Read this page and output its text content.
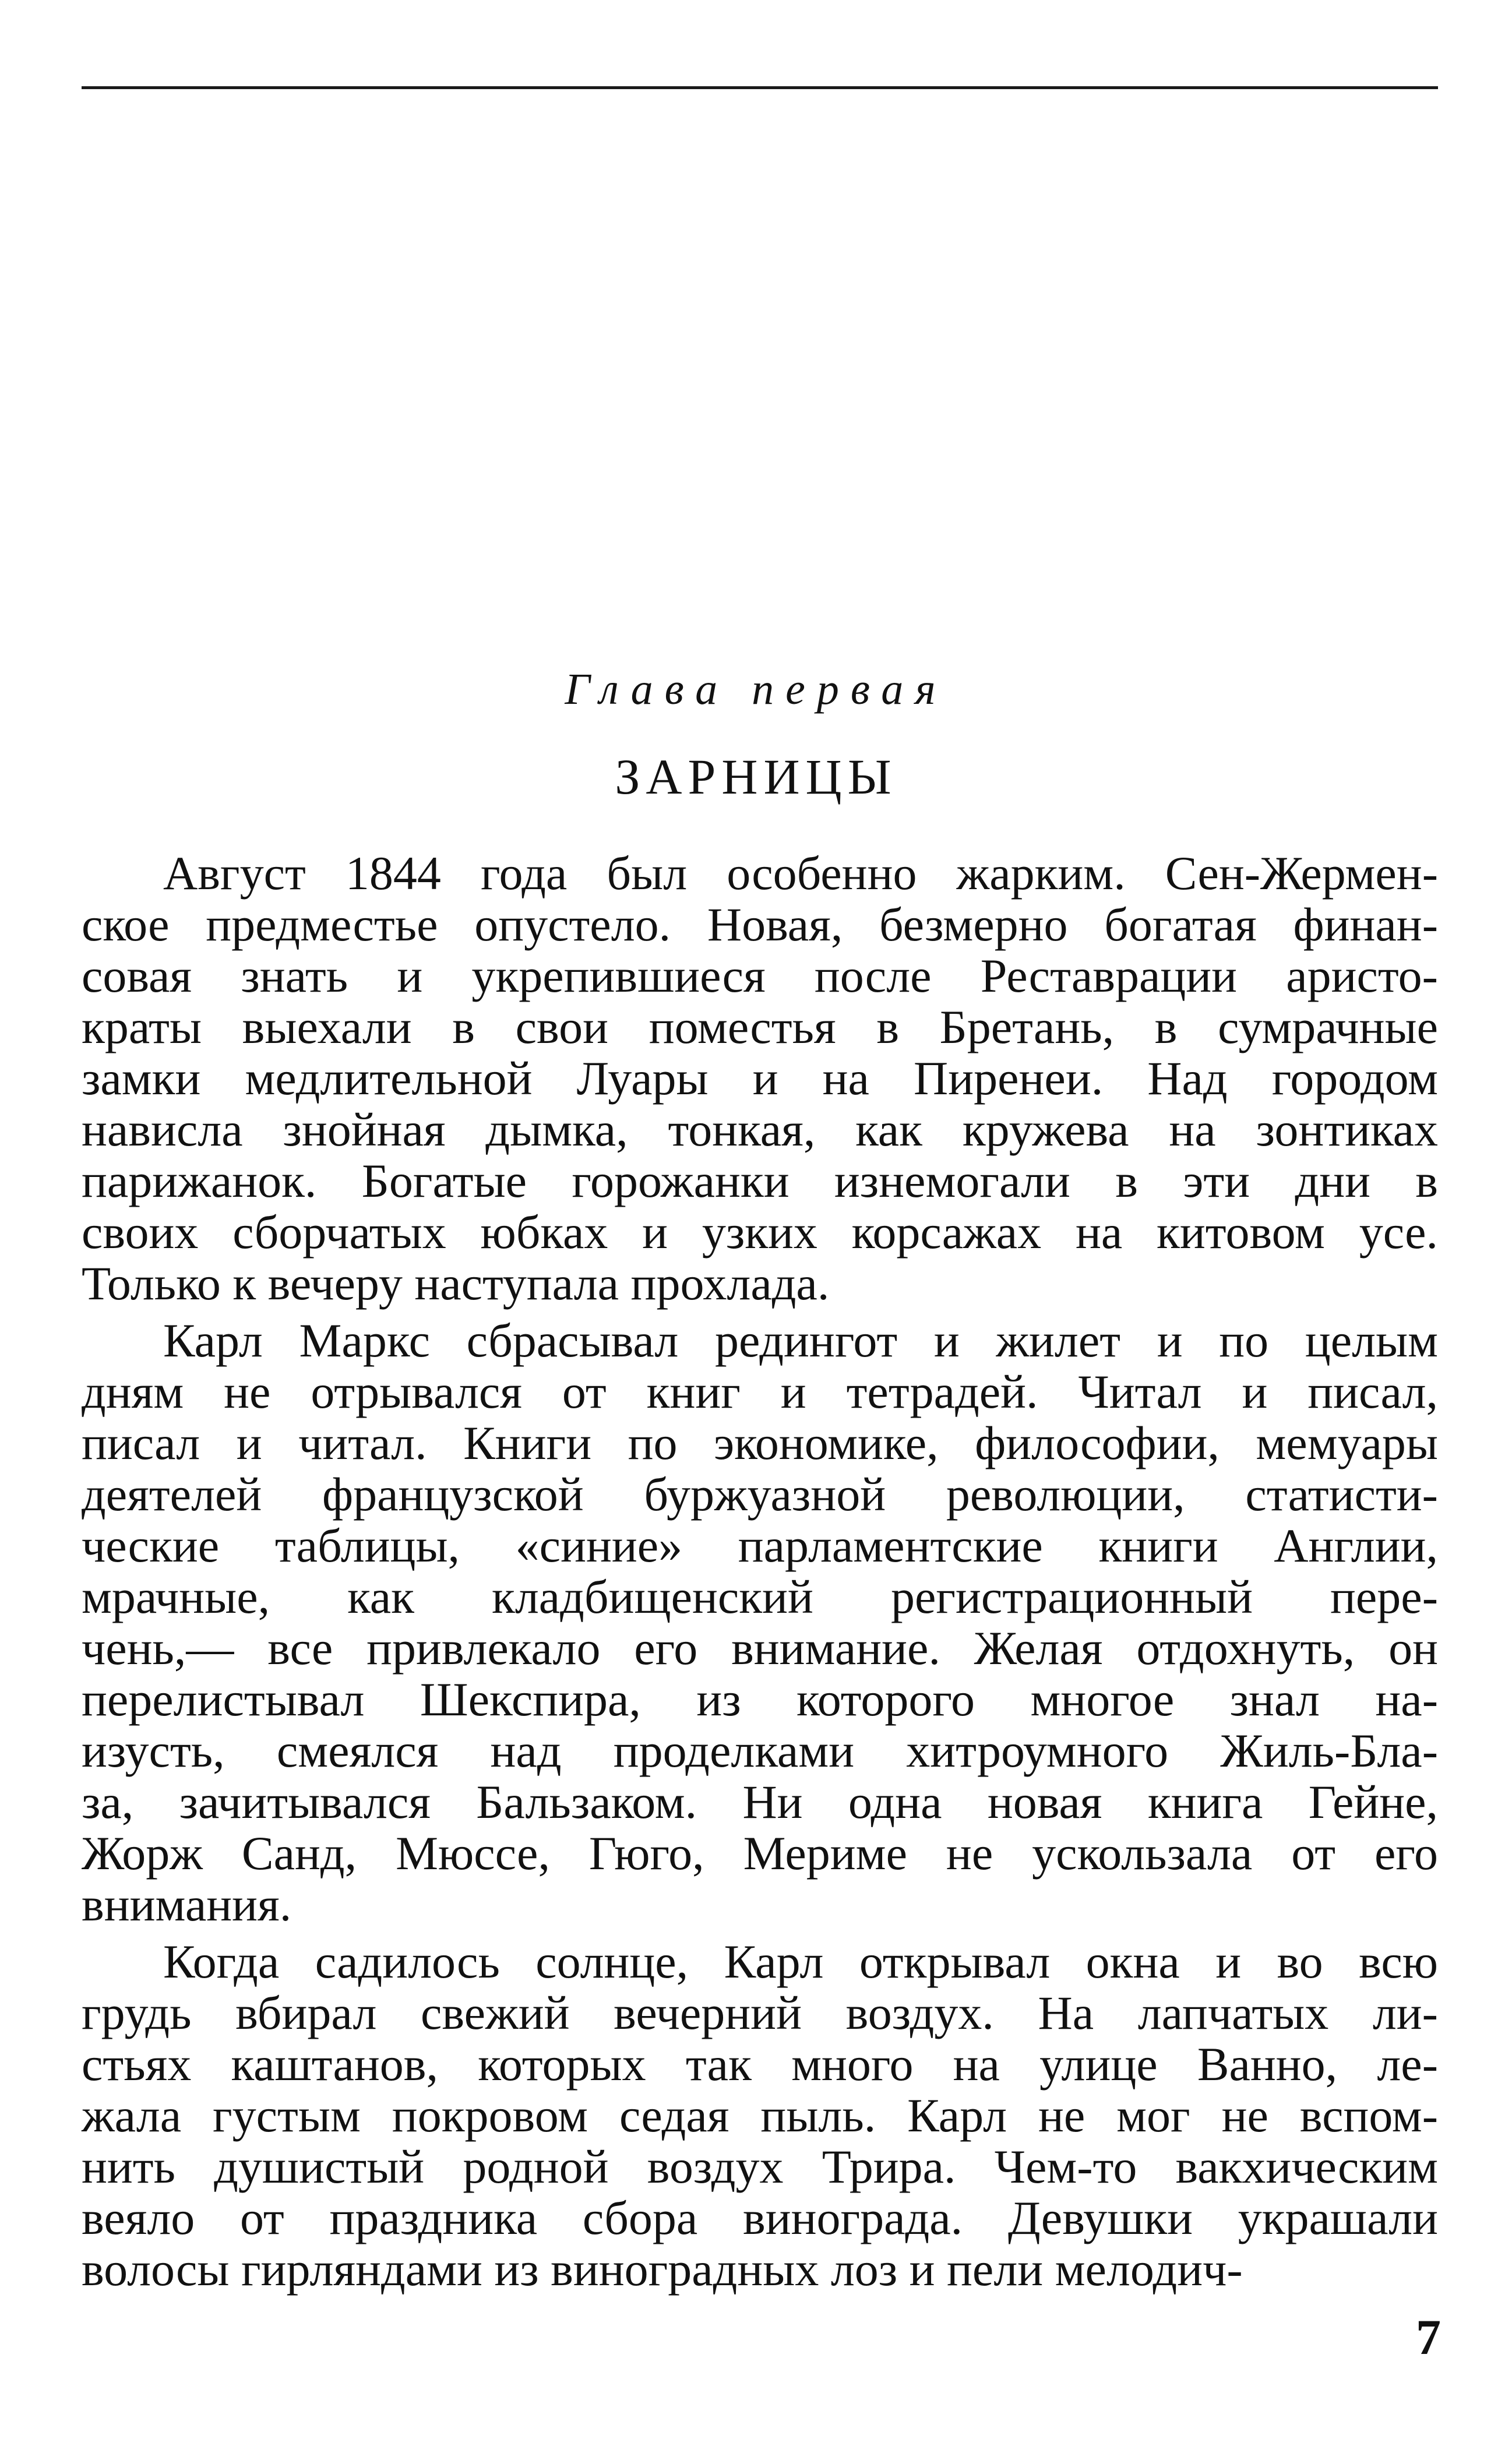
Глава первая
ЗАРНИЦЫ

Август 1844 года был особенно жарким. Сен-Жермен-
ское предместье опустело. Новая, безмерно богатая финан-
совая знать и укрепившиеся после Реставрации аристо-
краты выехали в свои поместья в Бретань, в сумрачные
замки медлительной Луары и на Пиренеи. Над городом
нависла знойная дымка, тонкая, как кружева на зонтиках
парижанок. Богатые горожанки изнемогали в эти дни в
своих сборчатых юбках и узких корсажах на китовом усе.
Только к вечеру наступала прохлада.

Карл Маркс сбрасывал редингот и жилет и по целым
дням не отрывался от книг и тетрадей. Читал и писал,
писал и читал. Книги по экономике, философии, мемуары
деятелей французской буржуазной революции, статисти-
ческие таблицы, «синие» парламентские книги Англии,
мрачные, как кладбищенский регистрационный пере-
чень,— все привлекало его внимание. Желая отдохнуть, он
перелистывал Шекспира, из которого многое знал на-
изусть, смеялся над проделками хитроумного Жиль-Бла-
за, зачитывался Бальзаком. Ни одна новая книга Гейне,
Жорж Санд, Мюссе, Гюго, Мериме не ускользала от его
внимания.

Когда садилось солнце, Карл открывал окна и во всю
грудь вбирал свежий вечерний воздух. На лапчатых ли-
стьях каштанов, которых так много на улице Ванно, ле-
жала густым покровом седая пыль. Карл не мог не вспом-
нить душистый родной воздух Трира. Чем-то вакхическим
веяло от праздника сбора винограда. Девушки украшали
волосы гирляндами из виноградных лоз и пели мелодич-

7
